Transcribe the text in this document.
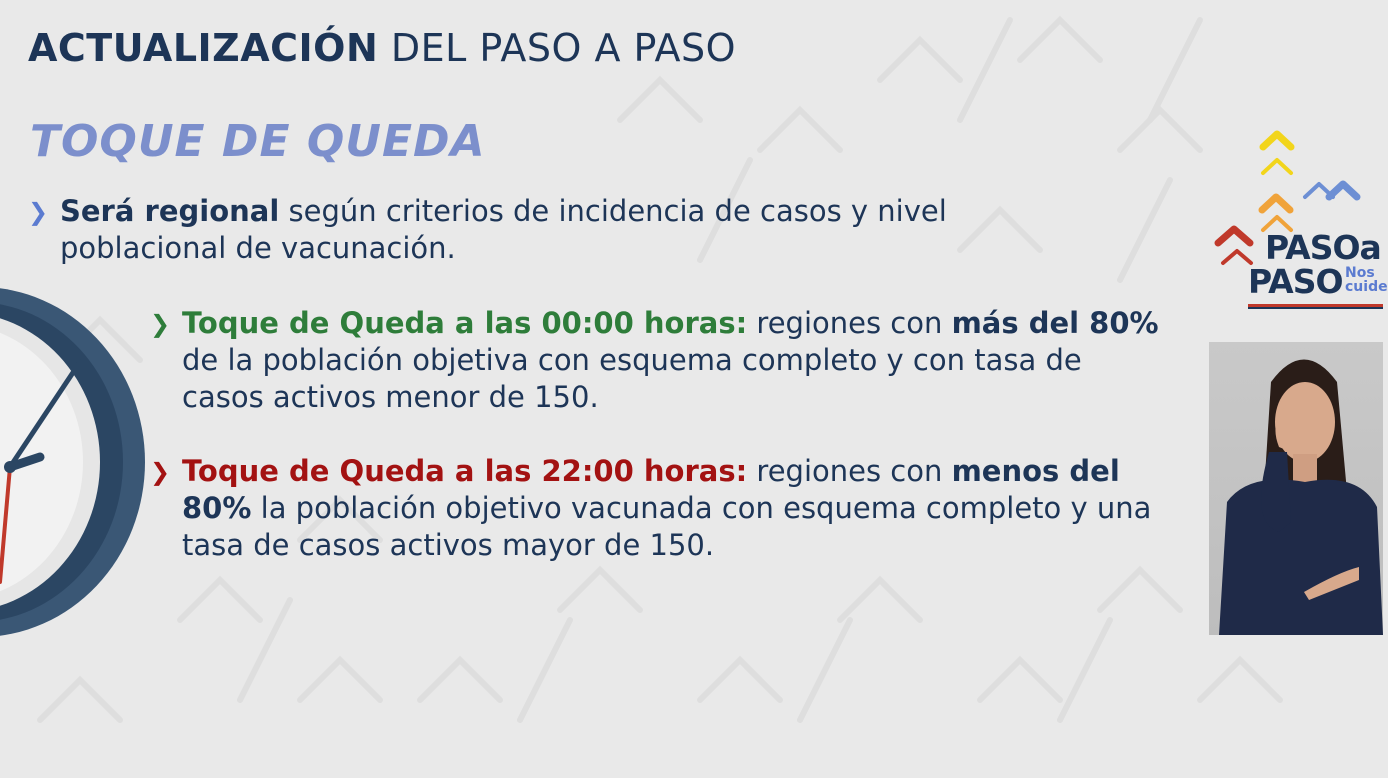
ACTUALIZACIÓN DEL PASO A PASO
TOQUE DE QUEDA
❯ Será regional según criterios de incidencia de casos y nivel poblacional de vacunación.
❯ Toque de Queda a las 00:00 horas: regiones con más del 80% de la población objetiva con esquema completo y con tasa de casos activos menor de 150.
❯ Toque de Queda a las 22:00 horas: regiones con menos del 80% la población objetivo vacunada con esquema completo y una tasa de casos activos mayor de 150.
PASOa
PASO Nos
cuide
